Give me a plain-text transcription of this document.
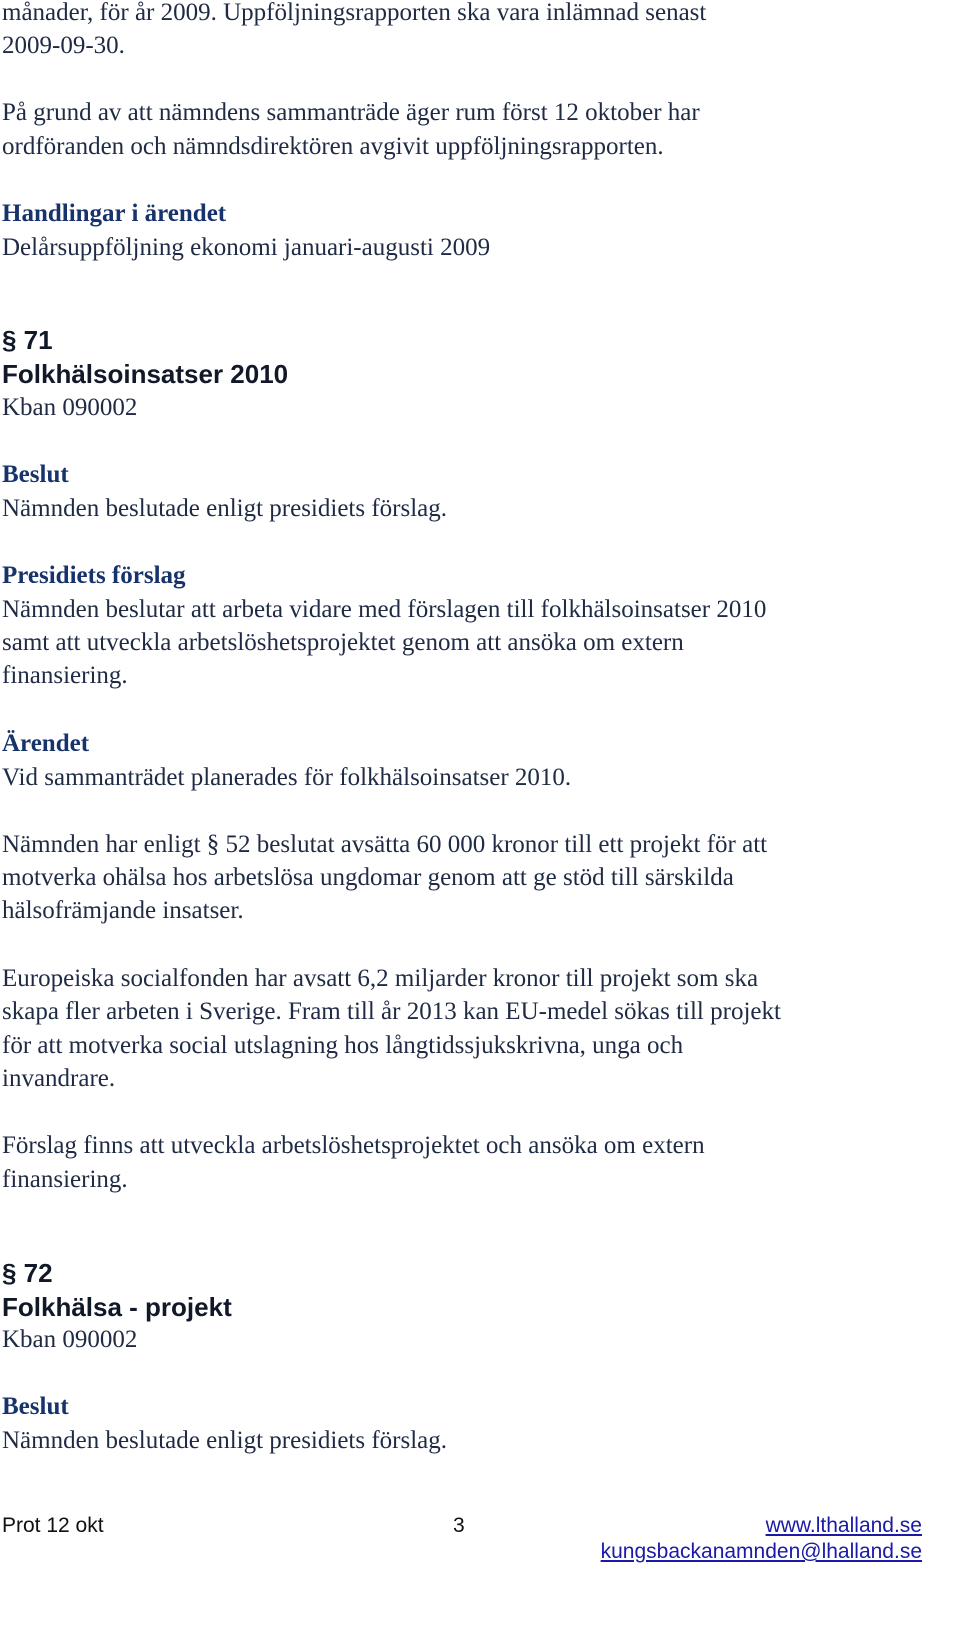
månader, för år 2009. Uppföljningsrapporten ska vara inlämnad senast
2009-09-30.
På grund av att nämndens sammanträde äger rum först 12 oktober har
ordföranden och nämndsdirektören avgivit uppföljningsrapporten.
Handlingar i ärendet
Delårsuppföljning ekonomi januari-augusti 2009
§ 71
Folkhälsoinsatser 2010
Kban 090002
Beslut
Nämnden beslutade enligt presidiets förslag.
Presidiets förslag
Nämnden beslutar att arbeta vidare med förslagen till folkhälsoinsatser 2010
samt att utveckla arbetslöshetsprojektet genom att ansöka om extern
finansiering.
Ärendet
Vid sammanträdet planerades för folkhälsoinsatser 2010.
Nämnden har enligt § 52 beslutat avsätta 60 000 kronor till ett projekt för att
motverka ohälsa hos arbetslösa ungdomar genom att ge stöd till särskilda
hälsofrämjande insatser.
Europeiska socialfonden har avsatt 6,2 miljarder kronor till projekt som ska
skapa fler arbeten i Sverige. Fram till år 2013 kan EU-medel sökas till projekt
för att motverka social utslagning hos långtidssjukskrivna, unga och
invandrare.
Förslag finns att utveckla arbetslöshetsprojektet och ansöka om extern
finansiering.
§ 72
Folkhälsa - projekt
Kban 090002
Beslut
Nämnden beslutade enligt presidiets förslag.
Prot 12 okt	3	www.lthalland.se
kungsbackanamnden@lhalland.se
